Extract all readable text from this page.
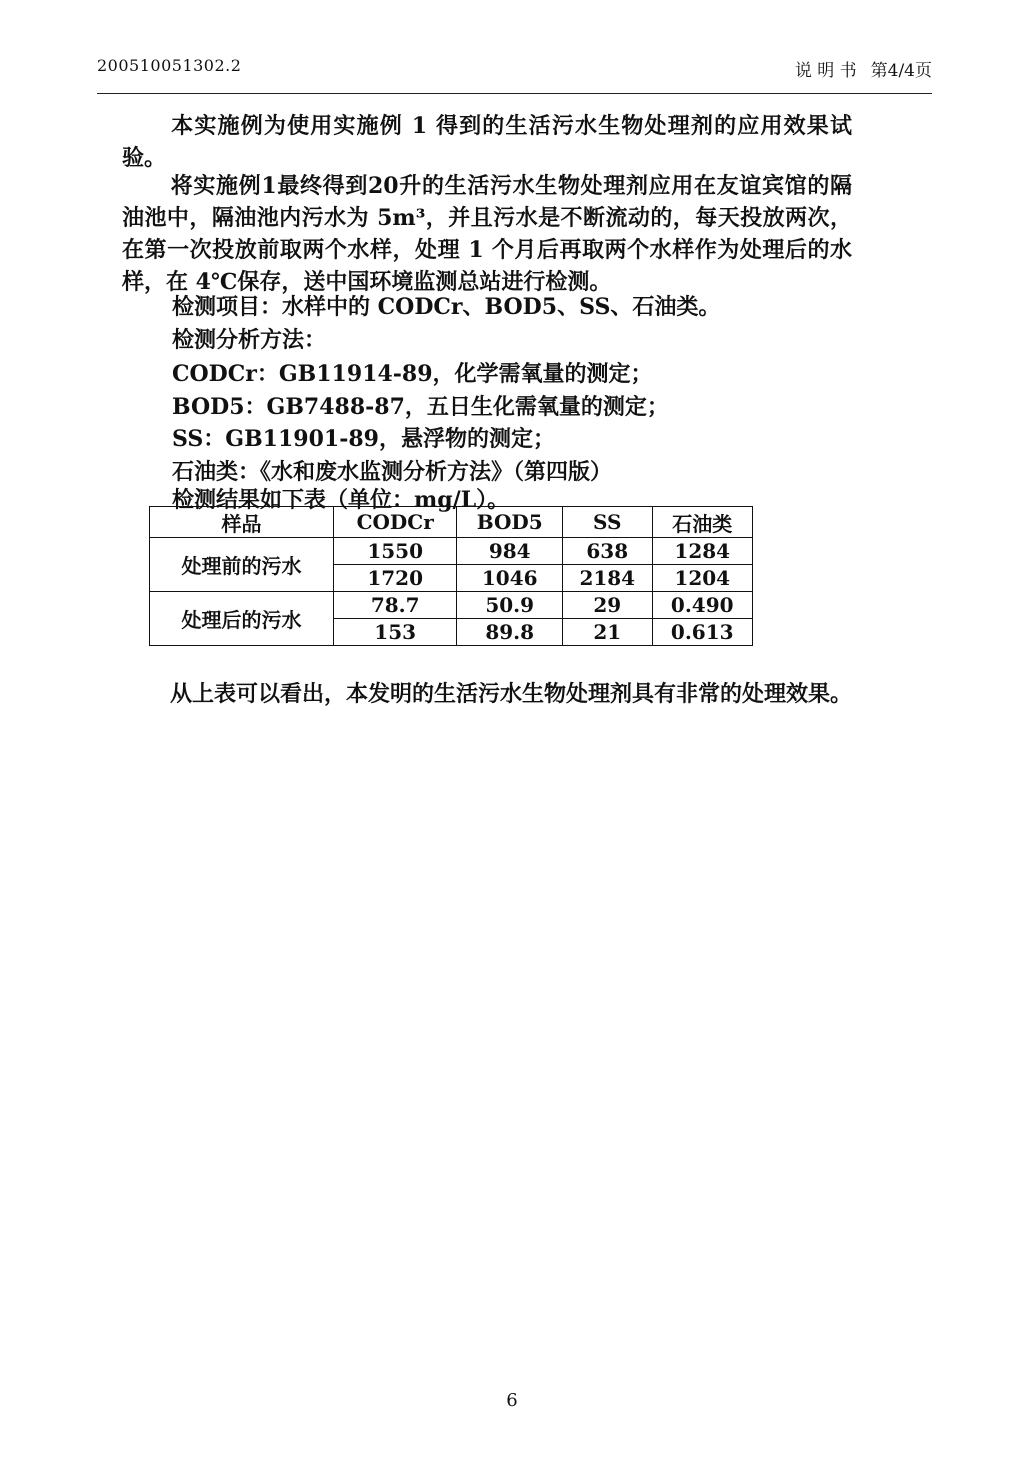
200510051302.2	说 明 书 第4/4页
本实施例为使用实施例 1 得到的生活污水生物处理剂的应用效果试验。
将实施例1最终得到20升的生活污水生物处理剂应用在友谊宾馆的隔油池中，隔油池内污水为 5m³，并且污水是不断流动的，每天投放两次，在第一次投放前取两个水样，处理 1 个月后再取两个水样作为处理后的水样，在 4℃保存，送中国环境监测总站进行检测。
检测项目：水样中的 CODCr、BOD5、SS、石油类。
检测分析方法：
CODCr：GB11914-89，化学需氧量的测定；
BOD5：GB7488-87，五日生化需氧量的测定；
SS：GB11901-89，悬浮物的测定；
石油类：《水和废水监测分析方法》（第四版）
检测结果如下表（单位：mg/L）。
样品	CODCr	BOD5	SS	石油类
处理前的污水	1550	984	638	1284
	1720	1046	2184	1204
处理后的污水	78.7	50.9	29	0.490
	153	89.8	21	0.613
从上表可以看出，本发明的生活污水生物处理剂具有非常的处理效果。
6
